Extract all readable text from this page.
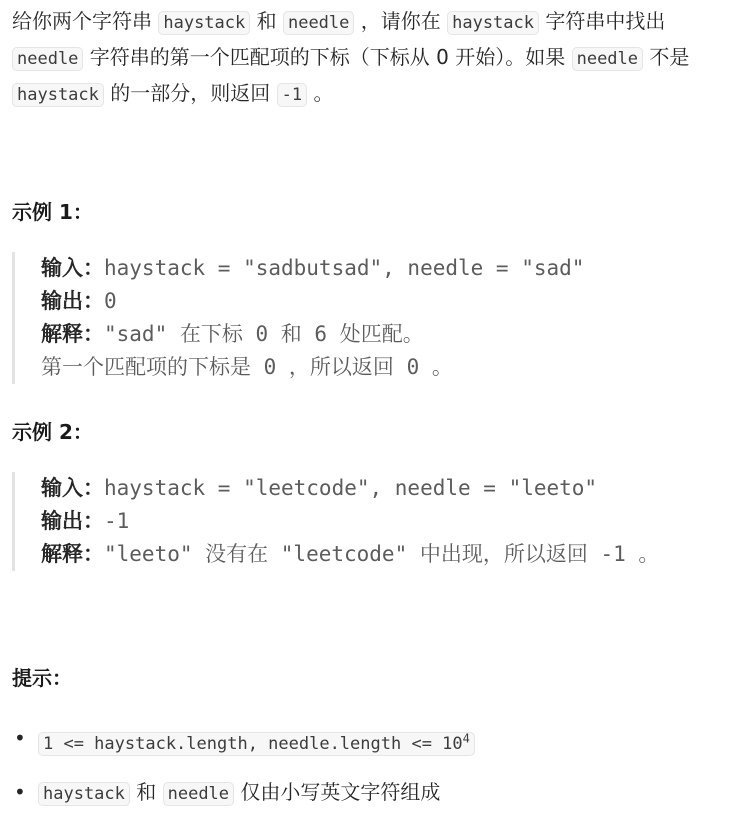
给你两个字符串 haystack 和 needle ，请你在 haystack 字符串中找出 needle 字符串的第一个匹配项的下标（下标从 0 开始）。如果 needle 不是 haystack 的一部分，则返回 -1 。

示例 1：
输入：haystack = "sadbutsad", needle = "sad"
输出：0
解释："sad" 在下标 0 和 6 处匹配。
第一个匹配项的下标是 0 ，所以返回 0 。
示例 2：
输入：haystack = "leetcode", needle = "leeto"
输出：-1
解释："leeto" 没有在 "leetcode" 中出现，所以返回 -1 。
提示：
• 1 <= haystack.length, needle.length <= $10^4$
• haystack 和 needle 仅由小写英文字符组成
